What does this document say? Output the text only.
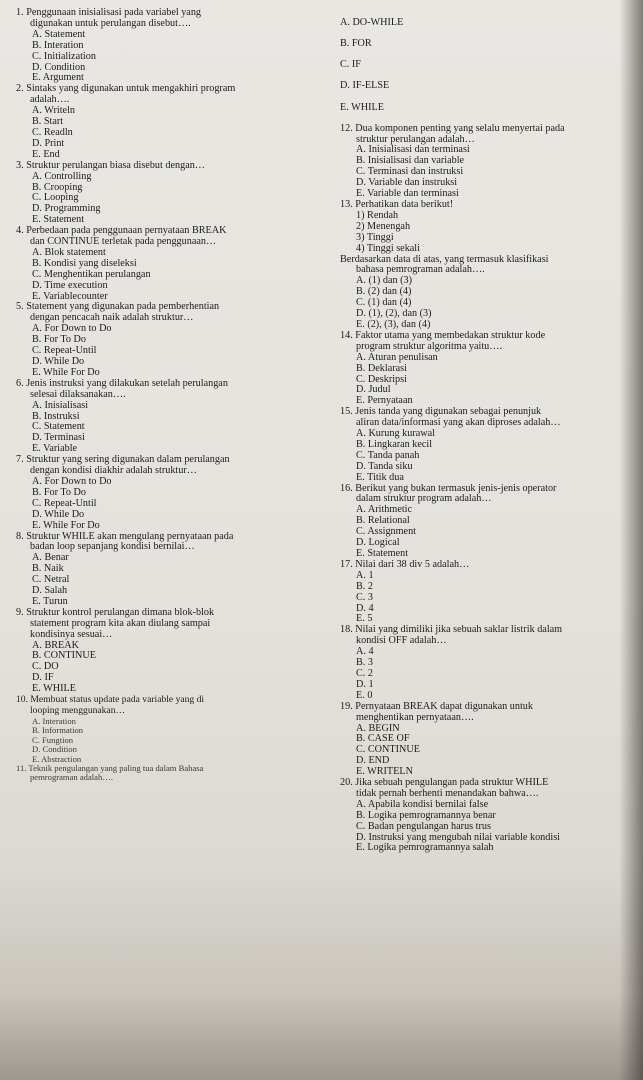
1. Penggunaan inisialisasi pada variabel yang
digunakan untuk perulangan disebut….

A. Statement

B. Interation

C. Initialization

D. Condition

E. Argument

2. Sintaks yang digunakan untuk mengakhiri program
adalah….

A. Writeln

B. Start

C. Readln

D. Print

E. End

3. Struktur perulangan biasa disebut dengan…

A. Controlling

B. Crooping

C. Looping

D. Programming

E. Statement

4. Perbedaan pada penggunaan pernyataan BREAK
dan CONTINUE terletak pada penggunaan…

A. Blok statement

B. Kondisi yang diseleksi

C. Menghentikan perulangan

D. Time execution

E. Variablecounter

5. Statement yang digunakan pada pemberhentian
dengan pencacah naik adalah struktur…

A. For Down to Do

B. For To Do

C. Repeat-Until

D. While Do

E. While For Do

6. Jenis instruksi yang dilakukan setelah perulangan
selesai dilaksanakan….

A. Inisialisasi

B. Instruksi

C. Statement

D. Terminasi

E. Variable

7. Struktur yang sering digunakan dalam perulangan
dengan kondisi diakhir adalah struktur…

A. For Down to Do

B. For To Do

C. Repeat-Until

D. While Do

E. While For Do

8. Struktur WHILE akan mengulang pernyataan pada
badan loop sepanjang kondisi bernilai…

A. Benar

B. Naik

C. Netral

D. Salah

E. Turun

9. Struktur kontrol perulangan dimana blok-blok
statement program kita akan diulang sampai
kondisinya sesuai…

A. BREAK

B. CONTINUE

C. DO

D. IF

E. WHILE

10. Membuat status update pada variable yang di
looping menggunakan…

A. Interation

B. Information

C. Fungtion

D. Condition

E. Abstraction

11. Teknik pengulangan yang paling tua dalam Bahasa
pemrograman adalah….

A. DO-WHILE

B. FOR

C. IF

D. IF-ELSE

E. WHILE

12. Dua komponen penting yang selalu menyertai pada
struktur perulangan adalah…

A. Inisialisasi dan terminasi

B. Inisialisasi dan variable

C. Terminasi dan instruksi

D. Variable dan instruksi

E. Variable dan terminasi

13. Perhatikan data berikut!

1) Rendah

2) Menengah

3) Tinggi

4) Tinggi sekali

Berdasarkan data di atas, yang termasuk klasifikasi
bahasa pemrograman adalah….

A. (1) dan (3)

B. (2) dan (4)

C. (1) dan (4)

D. (1), (2), dan (3)

E. (2), (3), dan (4)

14. Faktor utama yang membedakan struktur kode
program struktur algoritma yaitu….

A. Aturan penulisan

B. Deklarasi

C. Deskripsi

D. Judul

E. Pernyataan

15. Jenis tanda yang digunakan sebagai penunjuk
aliran data/informasi yang akan diproses adalah…

A. Kurung kurawal

B. Lingkaran kecil

C. Tanda panah

D. Tanda siku

E. Titik dua

16. Berikut yang bukan termasuk jenis-jenis operator
dalam struktur program adalah…

A. Arithmetic

B. Relational

C. Assignment

D. Logical

E. Statement

17. Nilai dari 38 div 5 adalah…

A. 1

B. 2

C. 3

D. 4

E. 5

18. Nilai yang dimiliki jika sebuah saklar listrik dalam
kondisi OFF adalah…

A. 4

B. 3

C. 2

D. 1

E. 0

19. Pernyataan BREAK dapat digunakan untuk
menghentikan pernyataan….

A. BEGIN

B. CASE OF

C. CONTINUE

D. END

E. WRITELN

20. Jika sebuah pengulangan pada struktur WHILE
tidak pernah berhenti menandakan bahwa….

A. Apabila kondisi bernilai false

B. Logika pemrogramannya benar

C. Badan pengulangan harus trus

D. Instruksi yang mengubah nilai variable kondisi

E. Logika pemrogramannya salah
